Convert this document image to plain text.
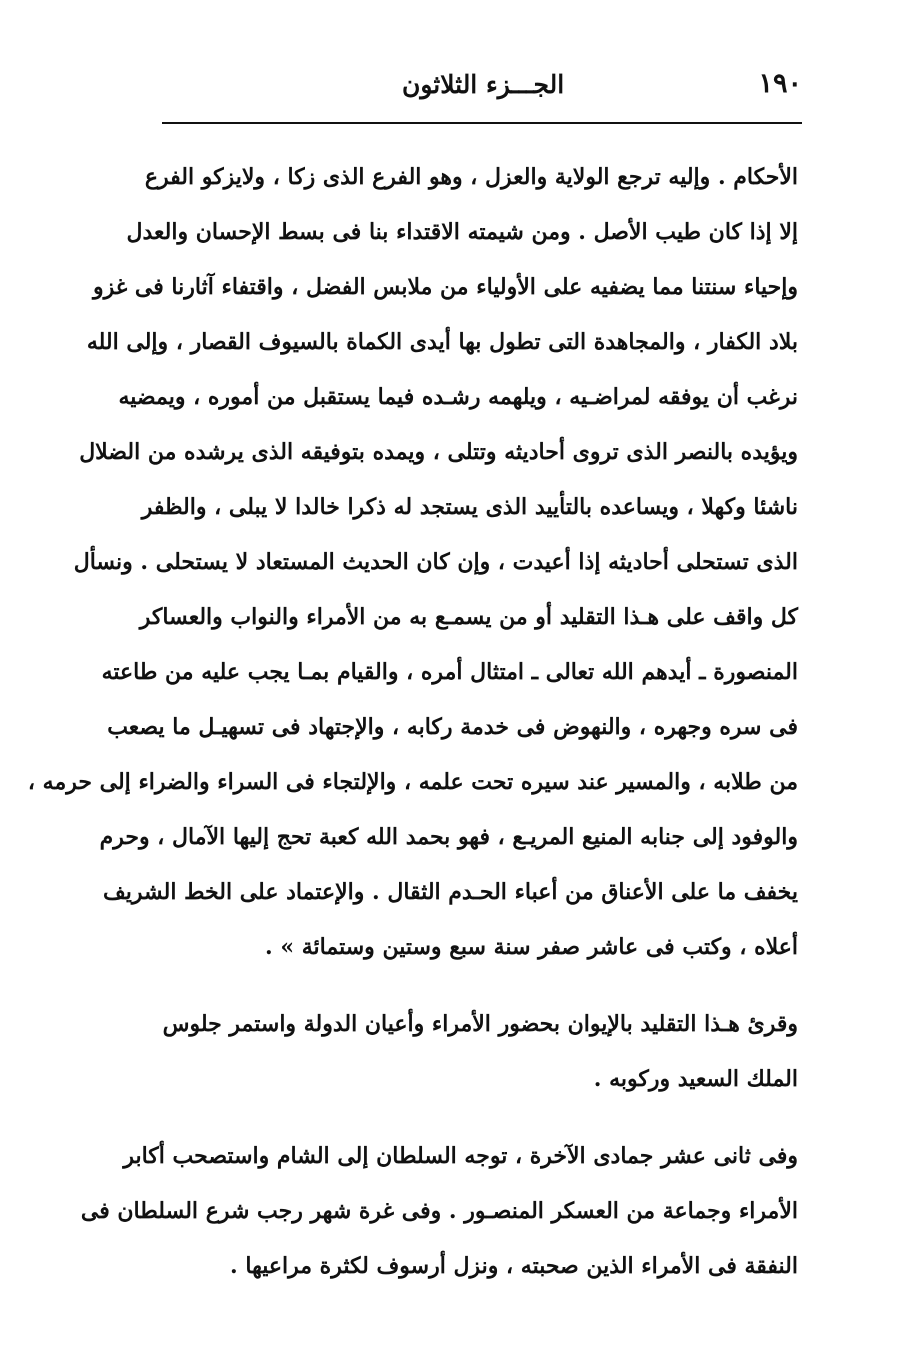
١٩٠
الجـــزء الثلاثون
الأحكام . وإليه ترجع الولاية والعزل ، وهو الفرع الذى زكا ، ولايزكو الفرع
إلا إذا كان طيب الأصل . ومن شيمته الاقتداء بنا فى بسط الإحسان والعدل
وإحياء سنتنا مما يضفيه على الأولياء من ملابس الفضل ، واقتفاء آثارنا فى غزو
بلاد الكفار ، والمجاهدة التى تطول بها أيدى الكماة بالسيوف القصار ، وإلى الله
نرغب أن يوفقه لمراضـيه ، ويلهمه رشـده فيما يستقبل من أموره ، ويمضيه
ويؤيده بالنصر الذى تروى أحاديثه وتتلى ، ويمده بتوفيقه الذى يرشده من الضلال
ناشئا وكهلا ، ويساعده بالتأييد الذى يستجد له ذكرا خالدا لا يبلى ، والظفر
الذى تستحلى أحاديثه إذا أعيدت ، وإن كان الحديث المستعاد لا يستحلى . ونسأل
كل واقف على هـذا التقليد أو من يسمـع به من الأمراء والنواب والعساكر
المنصورة ـ أيدهم الله تعالى ـ امتثال أمره ، والقيام بمـا يجب عليه من طاعته
فى سره وجهره ، والنهوض فى خدمة ركابه ، والإجتهاد فى تسهيـل ما يصعب
من طلابه ، والمسير عند سيره تحت علمه ، والإلتجاء فى السراء والضراء إلى حرمه ،
والوفود إلى جنابه المنيع المريـع ، فهو بحمد الله كعبة تحج إليها الآمال ، وحرم
يخفف ما على الأعناق من أعباء الحـدم الثقال . والإعتماد على الخط الشريف
أعلاه ، وكتب فى عاشر صفر سنة سبع وستين وستمائة » .
وقرئ هـذا التقليد بالإيوان بحضور الأمراء وأعيان الدولة واستمر جلوس
الملك السعيد وركوبه .
وفى ثانى عشر جمادى الآخرة ، توجه السلطان إلى الشام واستصحب أكابر
الأمراء وجماعة من العسكر المنصـور . وفى غرة شهر رجب شرع السلطان فى
النفقة فى الأمراء الذين صحبته ، ونزل أرسوف لكثرة مراعيها .
